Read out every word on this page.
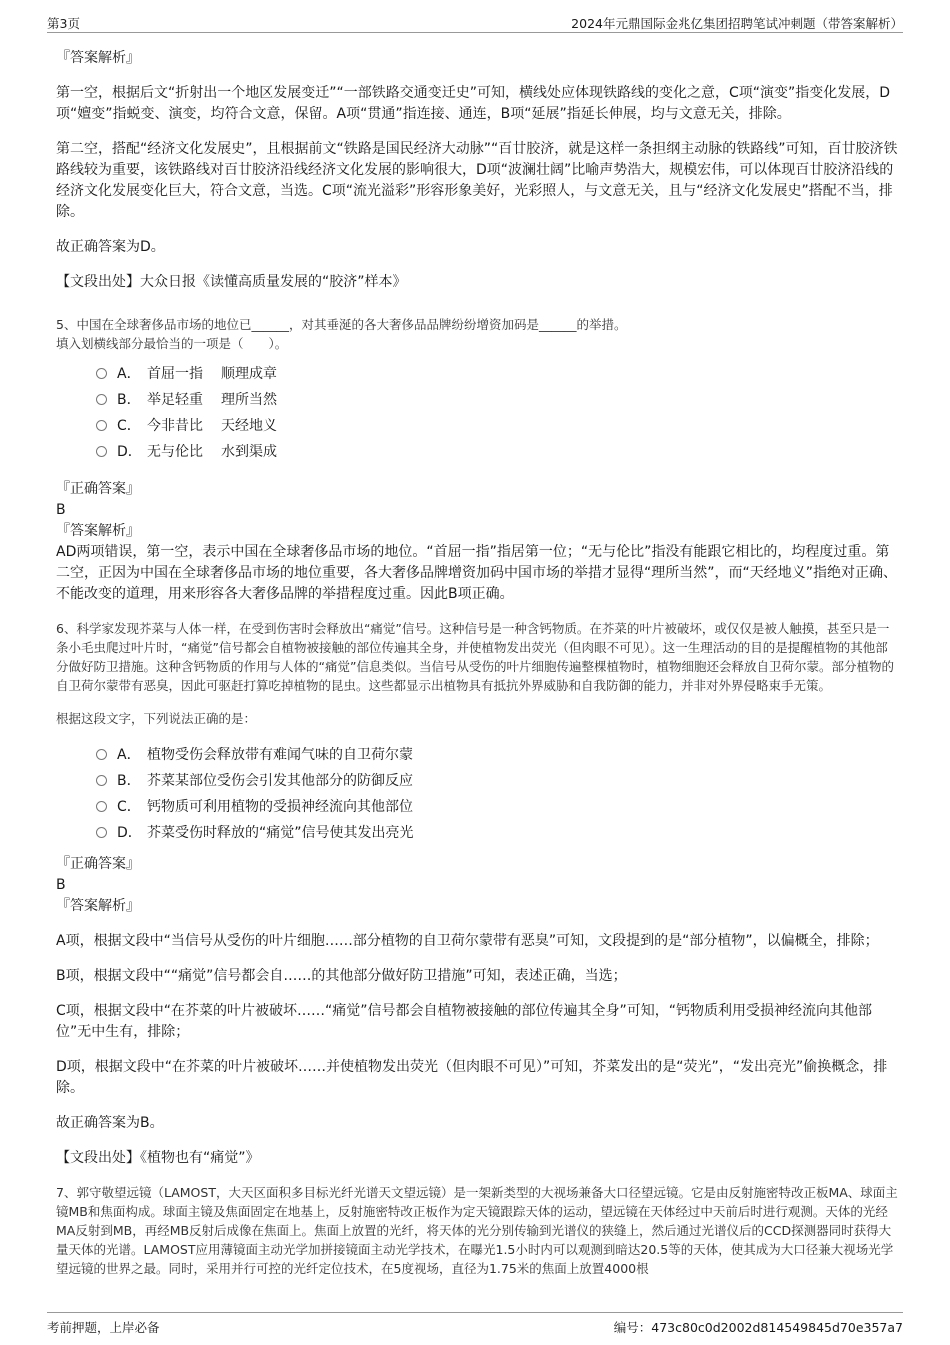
第3页	2024年元鼎国际金兆亿集团招聘笔试冲刺题（带答案解析）

『答案解析』

第一空，根据后文“折射出一个地区发展变迁”“一部铁路交通变迁史”可知，横线处应体现铁路线的变化之意，C项“演变”指变化发展，D项“嬗变”指蜕变、演变，均符合文意，保留。A项“贯通”指连接、通连，B项“延展”指延长伸展，均与文意无关，排除。

第二空，搭配“经济文化发展史”，且根据前文“铁路是国民经济大动脉”“百廿胶济，就是这样一条担纲主动脉的铁路线”可知，百廿胶济铁路线较为重要，该铁路线对百廿胶济沿线经济文化发展的影响很大，D项“波澜壮阔”比喻声势浩大，规模宏伟，可以体现百廿胶济沿线的经济文化发展变化巨大，符合文意，当选。C项“流光溢彩”形容形象美好，光彩照人，与文意无关，且与“经济文化发展史”搭配不当，排除。

故正确答案为D。

【文段出处】大众日报《读懂高质量发展的“胶济”样本》

5、中国在全球奢侈品市场的地位已______，对其垂涎的各大奢侈品品牌纷纷增资加码是______的举措。

填入划横线部分最恰当的一项是（　　）。

A． 首屈一指 顺理成章
B． 举足轻重 理所当然
C． 今非昔比 天经地义
D． 无与伦比 水到渠成

『正确答案』

B

『答案解析』

AD两项错误，第一空，表示中国在全球奢侈品市场的地位。“首屈一指”指居第一位；“无与伦比”指没有能跟它相比的，均程度过重。第二空，正因为中国在全球奢侈品市场的地位重要，各大奢侈品牌增资加码中国市场的举措才显得“理所当然”，而“天经地义”指绝对正确、不能改变的道理，用来形容各大奢侈品牌的举措程度过重。因此B项正确。

6、科学家发现芥菜与人体一样，在受到伤害时会释放出“痛觉”信号。这种信号是一种含钙物质。在芥菜的叶片被破坏，或仅仅是被人触摸，甚至只是一条小毛虫爬过叶片时，“痛觉”信号都会自植物被接触的部位传遍其全身，并使植物发出荧光（但肉眼不可见）。这一生理活动的目的是提醒植物的其他部分做好防卫措施。这种含钙物质的作用与人体的“痛觉”信息类似。当信号从受伤的叶片细胞传遍整棵植物时，植物细胞还会释放自卫荷尔蒙。部分植物的自卫荷尔蒙带有恶臭，因此可驱赶打算吃掉植物的昆虫。这些都显示出植物具有抵抗外界威胁和自我防御的能力，并非对外界侵略束手无策。

根据这段文字，下列说法正确的是：

A． 植物受伤会释放带有难闻气味的自卫荷尔蒙
B． 芥菜某部位受伤会引发其他部分的防御反应
C． 钙物质可利用植物的受损神经流向其他部位
D． 芥菜受伤时释放的“痛觉”信号使其发出亮光

『正确答案』

B

『答案解析』

A项，根据文段中“当信号从受伤的叶片细胞……部分植物的自卫荷尔蒙带有恶臭”可知，文段提到的是“部分植物”，以偏概全，排除；

B项，根据文段中““痛觉”信号都会自……的其他部分做好防卫措施”可知，表述正确，当选；

C项，根据文段中“在芥菜的叶片被破坏……“痛觉”信号都会自植物被接触的部位传遍其全身”可知，“钙物质利用受损神经流向其他部位”无中生有，排除；

D项，根据文段中“在芥菜的叶片被破坏……并使植物发出荧光（但肉眼不可见）”可知，芥菜发出的是“荧光”，“发出亮光”偷换概念，排除。

故正确答案为B。

【文段出处】《植物也有“痛觉”》

7、郭守敬望远镜（LAMOST，大天区面积多目标光纤光谱天文望远镜）是一架新类型的大视场兼备大口径望远镜。它是由反射施密特改正板MA、球面主镜MB和焦面构成。球面主镜及焦面固定在地基上，反射施密特改正板作为定天镜跟踪天体的运动，望远镜在天体经过中天前后时进行观测。天体的光经MA反射到MB，再经MB反射后成像在焦面上。焦面上放置的光纤，将天体的光分别传输到光谱仪的狭缝上，然后通过光谱仪后的CCD探测器同时获得大量天体的光谱。LAMOST应用薄镜面主动光学加拼接镜面主动光学技术，在曝光1.5小时内可以观测到暗达20.5等的天体，使其成为大口径兼大视场光学望远镜的世界之最。同时，采用并行可控的光纤定位技术，在5度视场，直径为1.75米的焦面上放置4000根

考前押题，上岸必备	编号：473c80c0d2002d814549845d70e357a7
